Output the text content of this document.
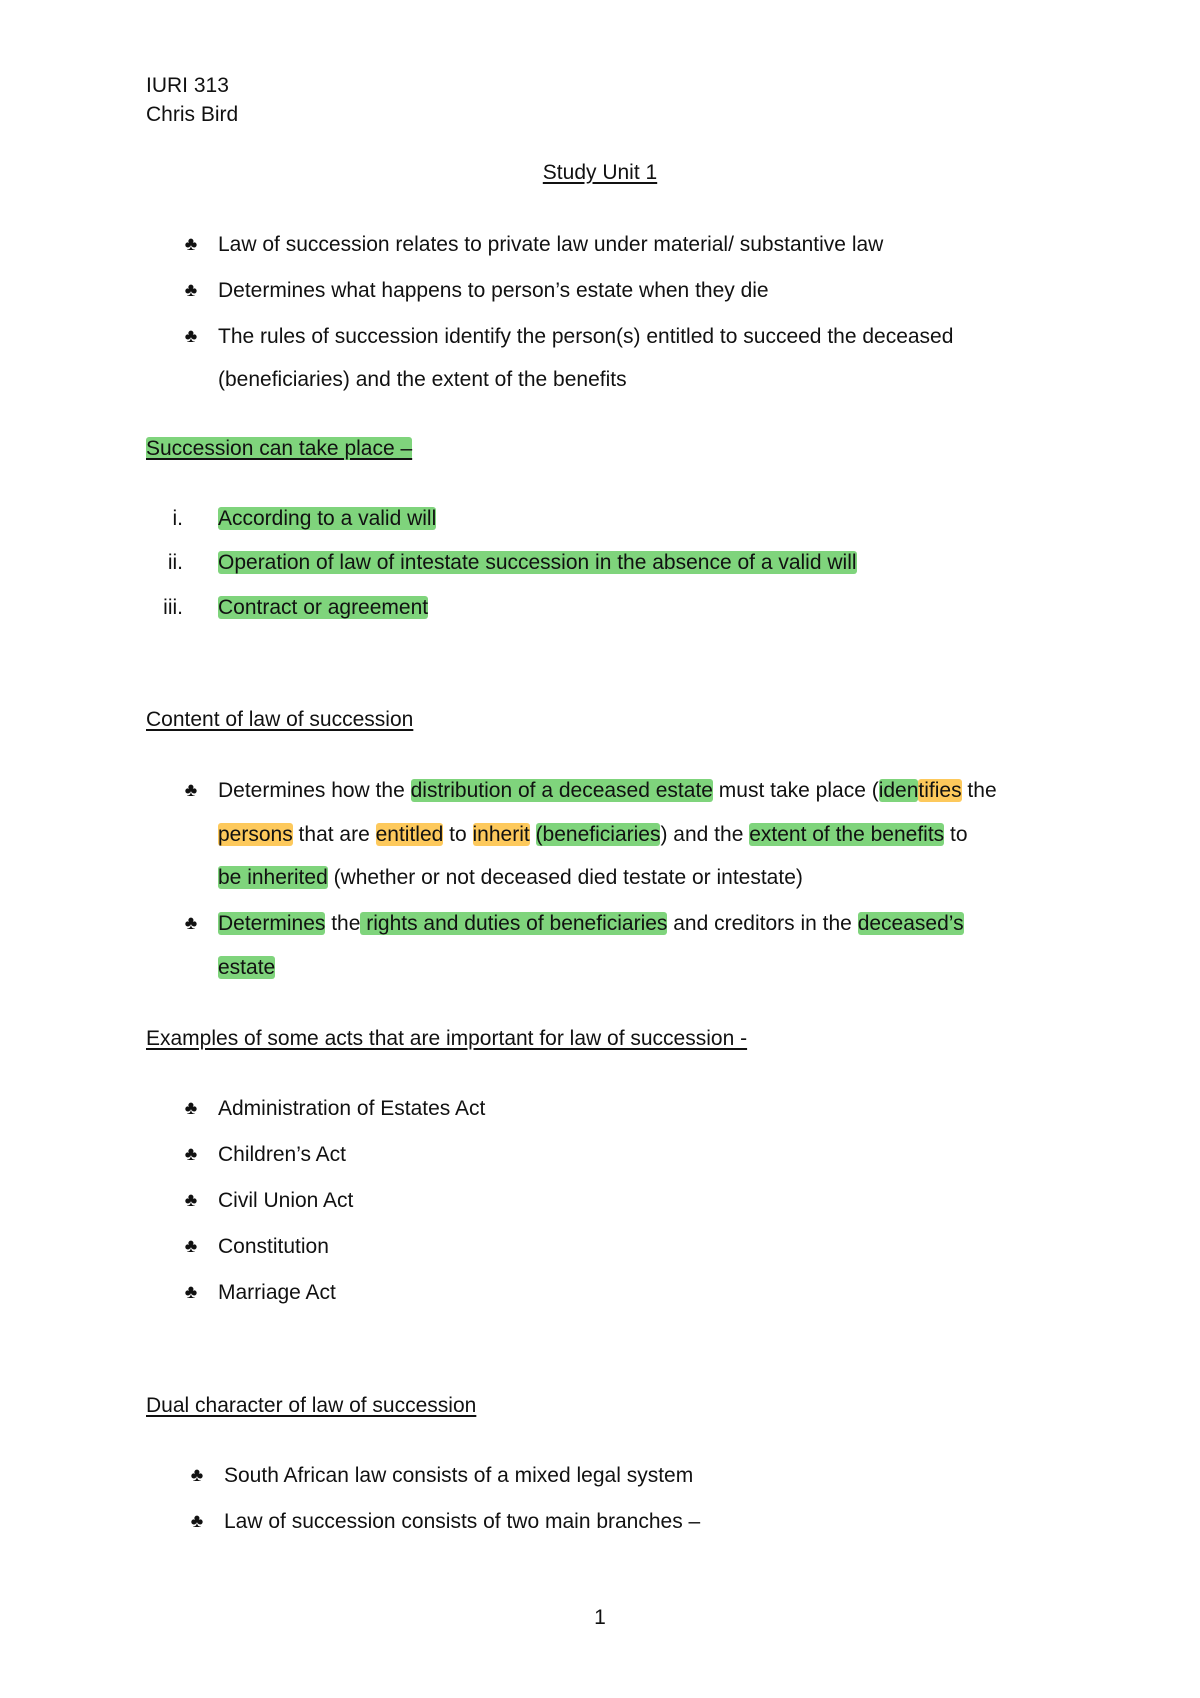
IURI 313
Chris Bird
Study Unit 1
♣ Law of succession relates to private law under material/ substantive law
♣ Determines what happens to person’s estate when they die
♣ The rules of succession identify the person(s) entitled to succeed the deceased
(beneficiaries) and the extent of the benefits
Succession can take place –
i. According to a valid will
ii. Operation of law of intestate succession in the absence of a valid will
iii. Contract or agreement
Content of law of succession
♣ Determines how the distribution of a deceased estate must take place (identifies the
persons that are entitled to inherit (beneficiaries) and the extent of the benefits to
be inherited (whether or not deceased died testate or intestate)
♣ Determines the rights and duties of beneficiaries and creditors in the deceased’s
estate
Examples of some acts that are important for law of succession -
♣ Administration of Estates Act
♣ Children’s Act
♣ Civil Union Act
♣ Constitution
♣ Marriage Act
Dual character of law of succession
♣ South African law consists of a mixed legal system
♣ Law of succession consists of two main branches –
1
